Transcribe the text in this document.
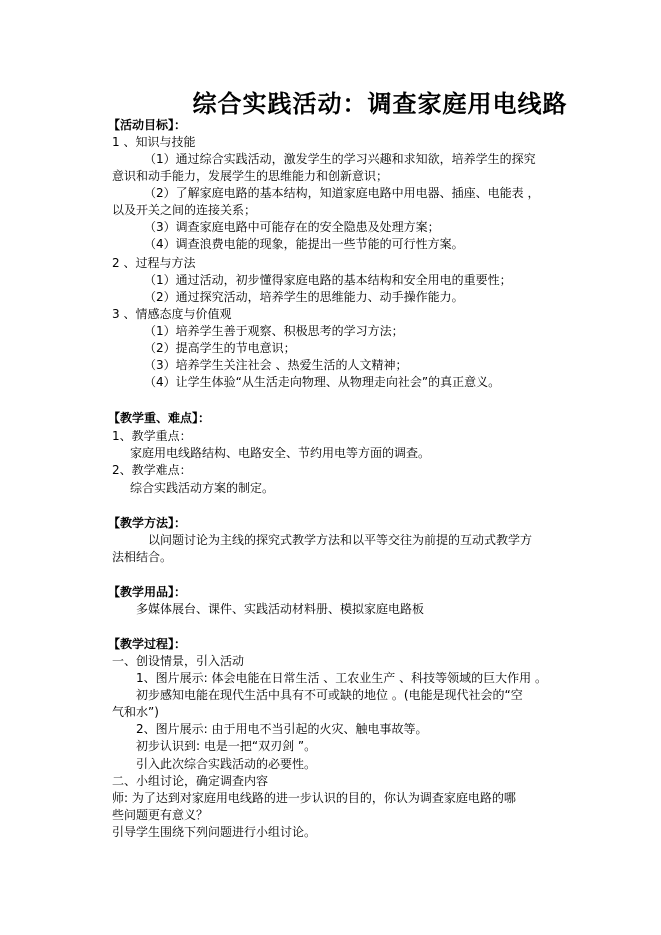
综合实践活动：调查家庭用电线路
【活动目标】：
1 、知识与技能
（1）通过综合实践活动，激发学生的学习兴趣和求知欲，培养学生的探究
意识和动手能力，发展学生的思维能力和创新意识；
（2）了解家庭电路的基本结构，知道家庭电路中用电器、插座、电能表 ，
以及开关之间的连接关系；
（3）调查家庭电路中可能存在的安全隐患及处理方案；
（4）调查浪费电能的现象，能提出一些节能的可行性方案。
2 、过程与方法
（1）通过活动，初步懂得家庭电路的基本结构和安全用电的重要性；
（2）通过探究活动，培养学生的思维能力、动手操作能力。
3 、情感态度与价值观
（1）培养学生善于观察、积极思考的学习方法；
（2）提高学生的节电意识；
（3）培养学生关注社会 、热爱生活的人文精神；
（4）让学生体验“从生活走向物理、从物理走向社会”的真正意义。
【教学重、难点】：
1、教学重点：
家庭用电线路结构、电路安全、节约用电等方面的调查。
2、教学难点：
综合实践活动方案的制定。
【教学方法】：
以问题讨论为主线的探究式教学方法和以平等交往为前提的互动式教学方
法相结合。
【教学用品】：
多媒体展台、课件、实践活动材料册、模拟家庭电路板
【教学过程】：
一、创设情景，引入活动
1、图片展示: 体会电能在日常生活 、工农业生产 、科技等领域的巨大作用 。
初步感知电能在现代生活中具有不可或缺的地位 。(电能是现代社会的“空
气和水”)
2、图片展示: 由于用电不当引起的火灾、触电事故等。
初步认识到: 电是一把“双刃剑 ”。
引入此次综合实践活动的必要性。
二、小组讨论，确定调查内容
师: 为了达到对家庭用电线路的进一步认识的目的，你认为调查家庭电路的哪
些问题更有意义？
引导学生围绕下列问题进行小组讨论。
